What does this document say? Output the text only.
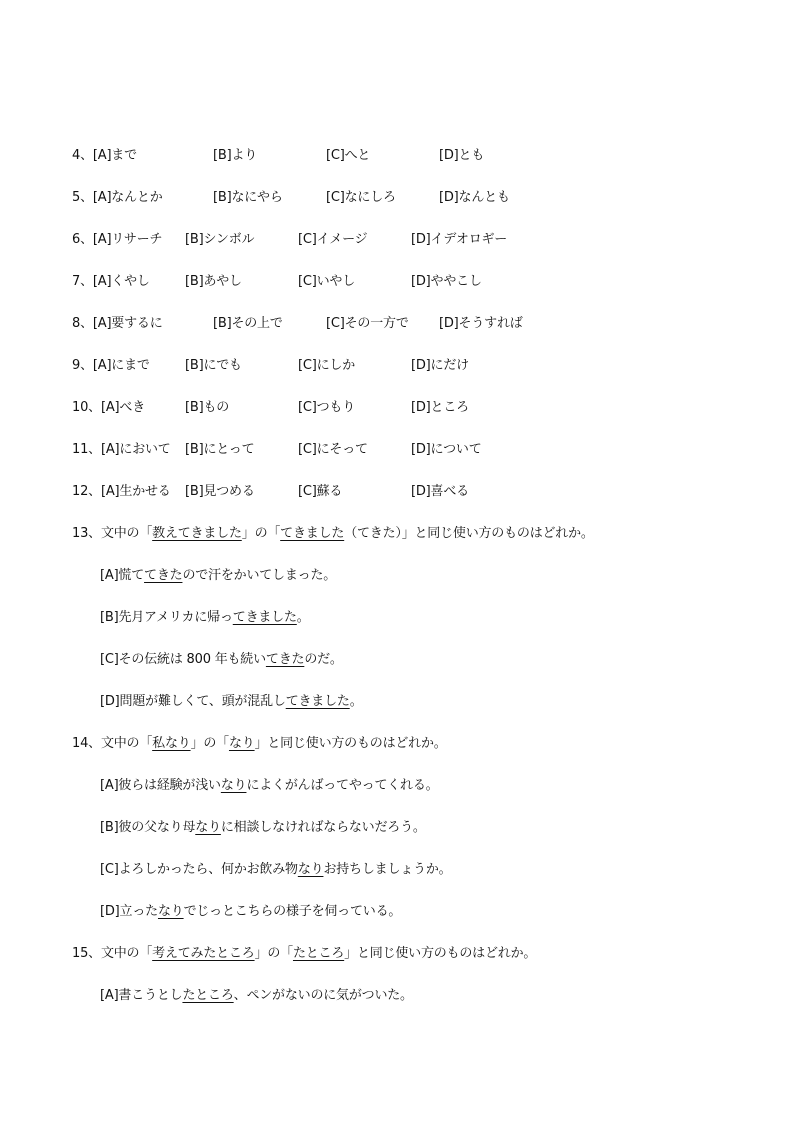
4、[A]まで	[B]より	[C]へと	[D]とも
5、[A]なんとか	[B]なにやら	[C]なにしろ	[D]なんとも
6、[A]リサーチ [B]シンボル	[C]イメージ	[D]イデオロギー
7、[A]くやし	[B]あやし	[C]いやし	[D]ややこし
8、[A]要するに	[B]その上で	[C]その一方で [D]そうすれば
9、[A]にまで	[B]にでも	[C]にしか	[D]にだけ
10、[A]べき	[B]もの	[C]つもり	[D]ところ
11、[A]において [B]にとって	[C]にそって	[D]について
12、[A]生かせる [B]見つめる	[C]蘇る	[D]喜べる
13、文中の「教えてきました」の「てきました（てきた）」と同じ使い方のものはどれか。
[A]慌ててきたので汗をかいてしまった。
[B]先月アメリカに帰ってきました。
[C]その伝統は 800 年も続いてきたのだ。
[D]問題が難しくて、頭が混乱してきました。
14、文中の「私なり」の「なり」と同じ使い方のものはどれか。
[A]彼らは経験が浅いなりによくがんばってやってくれる。
[B]彼の父なり母なりに相談しなければならないだろう。
[C]よろしかったら、何かお飲み物なりお持ちしましょうか。
[D]立ったなりでじっとこちらの様子を伺っている。
15、文中の「考えてみたところ」の「たところ」と同じ使い方のものはどれか。
[A]書こうとしたところ、ペンがないのに気がついた。
